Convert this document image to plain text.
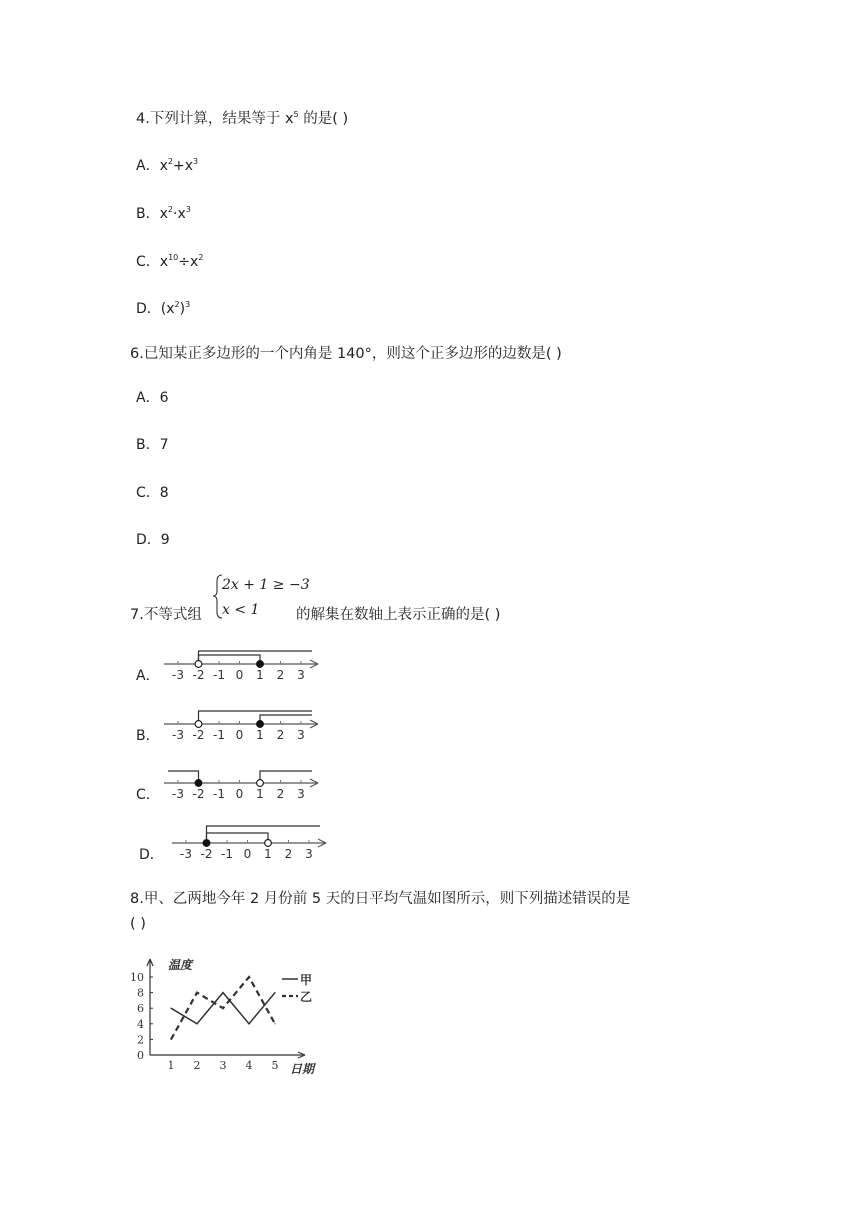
4.下列计算，结果等于 $x^5$ 的是( )
A．$x^2+x^3$
B．$x^2\cdot x^3$
C．$x^{10}\div x^2$
D．$(x^2)^3$
6.已知某正多边形的一个内角是 140°，则这个正多边形的边数是( )
A．6
B．7
C．8
D．9
7.不等式组
2x + 1 ≥ −3
x < 1	的解集在数轴上表示正确的是( )
A．
B．
C．
D．
-3 -2 -1 0 1 2 3
-3 -2 -1 0 1 2 3
-3 -2 -1 0 1 2 3
-3 -2 -1 0 1 2 3
8.甲、乙两地今年 2 月份前 5 天的日平均气温如图所示，则下列描述错误的是
( )
温度
日期
0
2
4
6
8
10
1 2 3 4 5
甲
乙
